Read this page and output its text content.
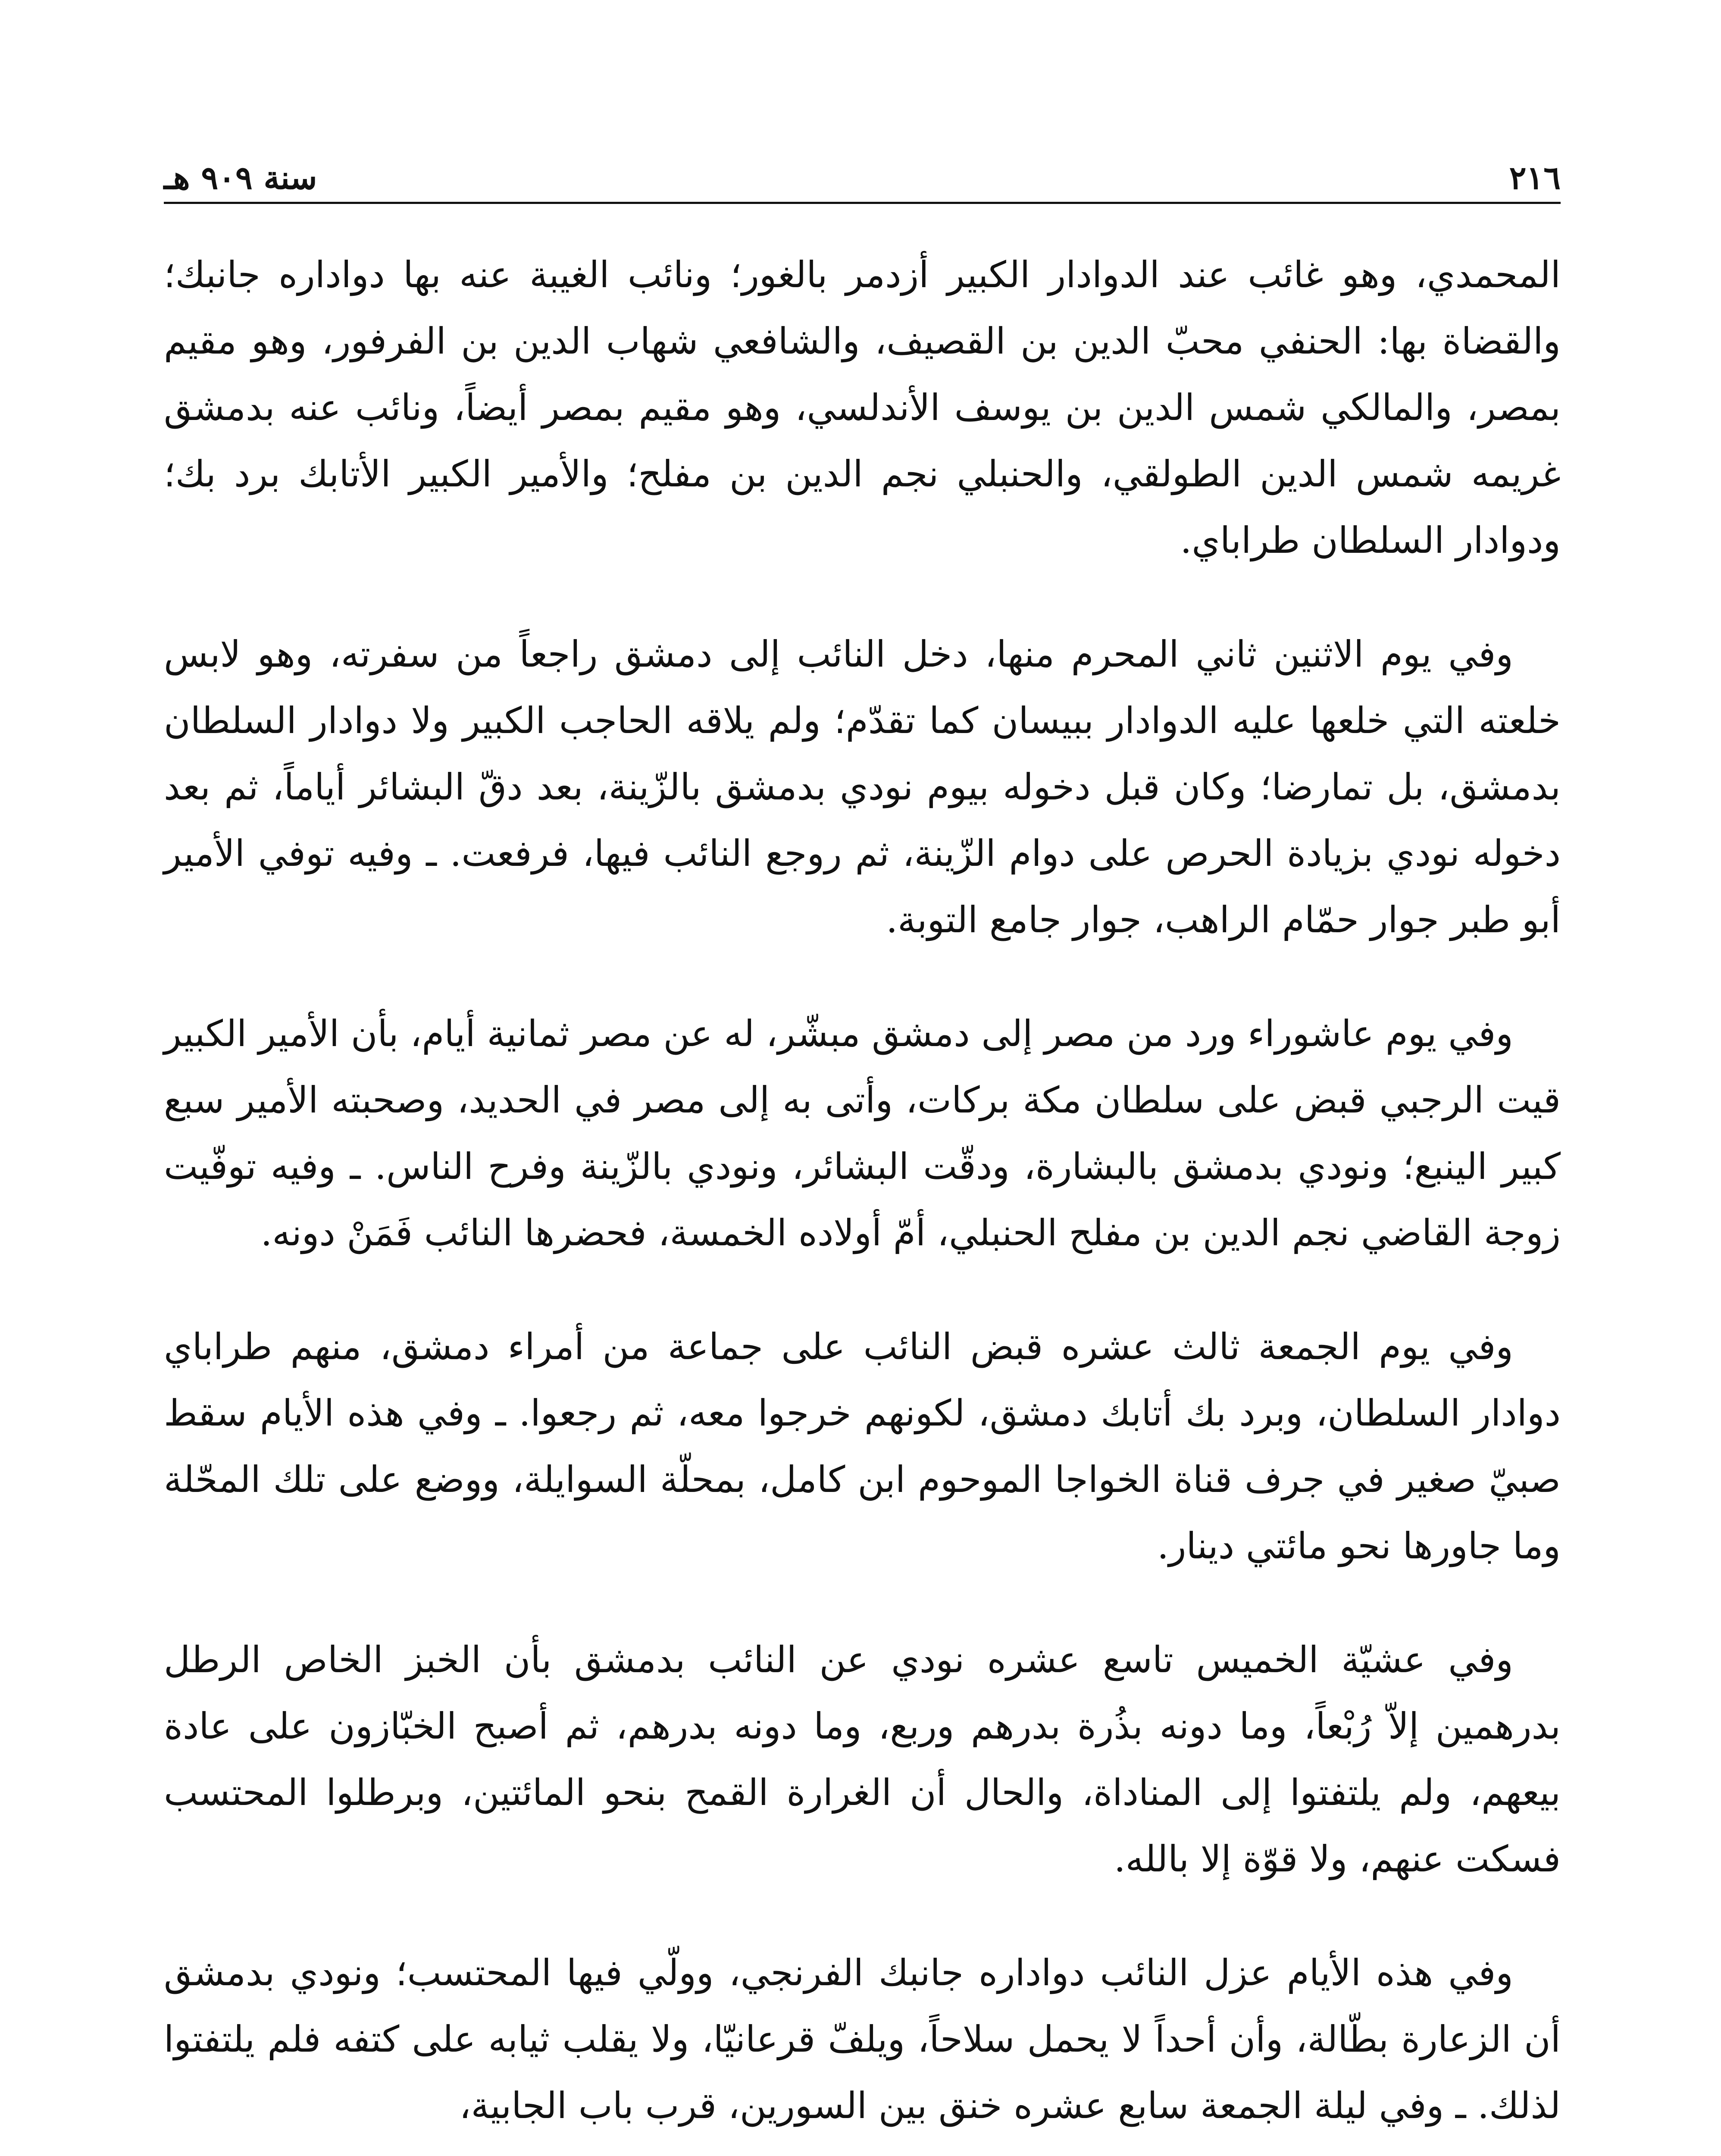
٢١٦
سنة ٩٠٩ هـ

المحمدي، وهو غائب عند الدوادار الكبير أزدمر بالغور؛ ونائب الغيبة عنه بها دواداره جانبك؛ والقضاة بها: الحنفي محبّ الدين بن القصيف، والشافعي شهاب الدين بن الفرفور، وهو مقيم بمصر، والمالكي شمس الدين بن يوسف الأندلسي، وهو مقيم بمصر أيضاً، ونائب عنه بدمشق غريمه شمس الدين الطولقي، والحنبلي نجم الدين بن مفلح؛ والأمير الكبير الأتابك برد بك؛ ودوادار السلطان طراباي.

وفي يوم الاثنين ثاني المحرم منها، دخل النائب إلى دمشق راجعاً من سفرته، وهو لابس خلعته التي خلعها عليه الدوادار ببيسان كما تقدّم؛ ولم يلاقه الحاجب الكبير ولا دوادار السلطان بدمشق، بل تمارضا؛ وكان قبل دخوله بيوم نودي بدمشق بالزّينة، بعد دقّ البشائر أياماً، ثم بعد دخوله نودي بزيادة الحرص على دوام الزّينة، ثم روجع النائب فيها، فرفعت. ـ وفيه توفي الأمير أبو طبر جوار حمّام الراهب، جوار جامع التوبة.

وفي يوم عاشوراء ورد من مصر إلى دمشق مبشّر، له عن مصر ثمانية أيام، بأن الأمير الكبير قيت الرجبي قبض على سلطان مكة بركات، وأتى به إلى مصر في الحديد، وصحبته الأمير سبع كبير الينبع؛ ونودي بدمشق بالبشارة، ودقّت البشائر، ونودي بالزّينة وفرح الناس. ـ وفيه توفّيت زوجة القاضي نجم الدين بن مفلح الحنبلي، أمّ أولاده الخمسة، فحضرها النائب فَمَنْ دونه.

وفي يوم الجمعة ثالث عشره قبض النائب على جماعة من أمراء دمشق، منهم طراباي دوادار السلطان، وبرد بك أتابك دمشق، لكونهم خرجوا معه، ثم رجعوا. ـ وفي هذه الأيام سقط صبيّ صغير في جرف قناة الخواجا الموحوم ابن كامل، بمحلّة السوايلة، ووضع على تلك المحّلة وما جاورها نحو مائتي دينار.

وفي عشيّة الخميس تاسع عشره نودي عن النائب بدمشق بأن الخبز الخاص الرطل بدرهمين إلاّ رُبْعاً، وما دونه بذُرة بدرهم وربع، وما دونه بدرهم، ثم أصبح الخبّازون على عادة بيعهم، ولم يلتفتوا إلى المناداة، والحال أن الغرارة القمح بنحو المائتين، وبرطلوا المحتسب فسكت عنهم، ولا قوّة إلا بالله.

وفي هذه الأيام عزل النائب دواداره جانبك الفرنجي، وولّي فيها المحتسب؛ ونودي بدمشق أن الزعارة بطّالة، وأن أحداً لا يحمل سلاحاً، ويلفّ قرعانيّا، ولا يقلب ثيابه على كتفه فلم يلتفتوا لذلك. ـ وفي ليلة الجمعة سابع عشره خنق بين السورين، قرب باب الجابية،
